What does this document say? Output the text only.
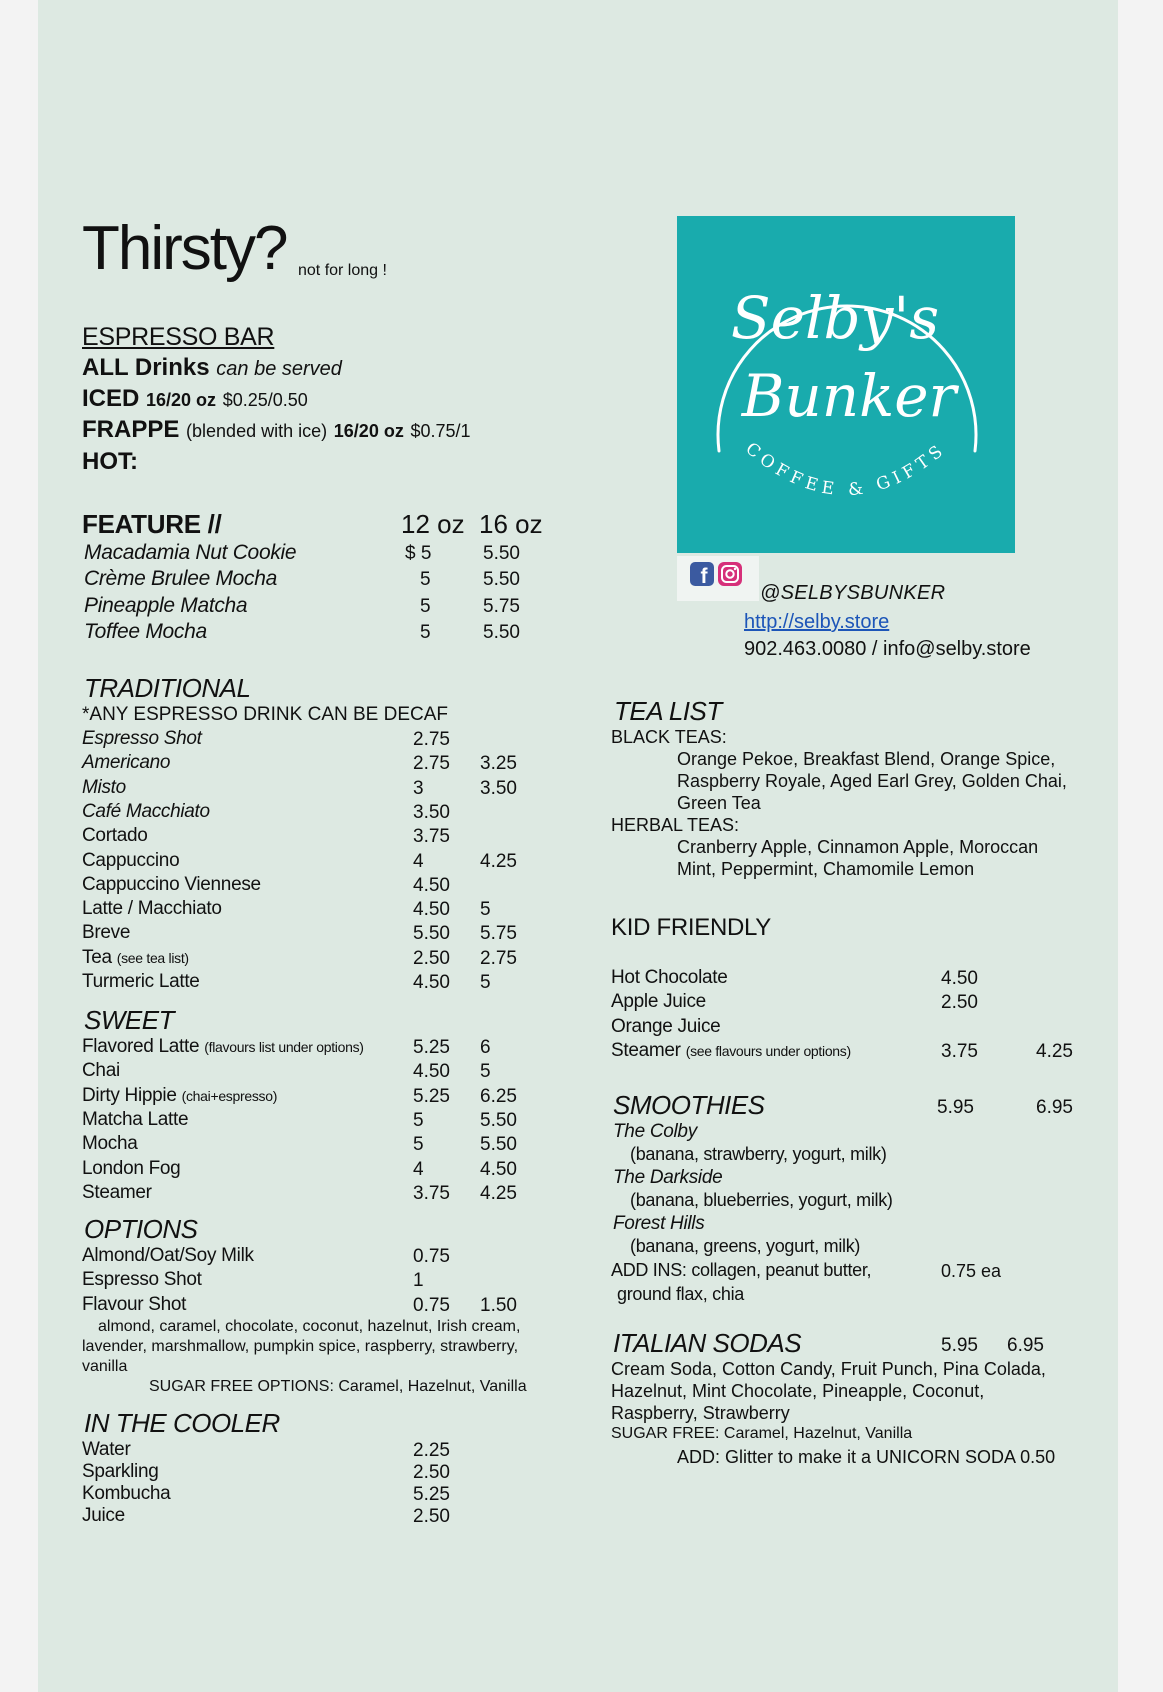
Thirsty? not for long !
ESPRESSO BAR
ALL Drinks can be served
ICED 16/20 oz $0.25/0.50
FRAPPE (blended with ice) 16/20 oz $0.75/1
HOT:
FEATURE //	12 oz 16 oz
Macadamia Nut Cookie	$ 5	5.50
Crème Brulee Mocha	5	5.50
Pineapple Matcha	5	5.75
Toffee Mocha	5	5.50
TRADITIONAL
*ANY ESPRESSO DRINK CAN BE DECAF
Espresso Shot	2.75
Americano	2.75 3.25
Misto	3	3.50
Café Macchiato	3.50
Cortado	3.75
Cappuccino	4	4.25
Cappuccino Viennese	4.50
Latte / Macchiato	4.50 5
Breve	5.50 5.75
Tea (see tea list)	2.50 2.75
Turmeric Latte	4.50 5
SWEET
Flavored Latte (flavours list under options)	5.25 6
Chai	4.50 5
Dirty Hippie (chai+espresso)	5.25 6.25
Matcha Latte	5	5.50
Mocha	5	5.50
London Fog	4	4.50
Steamer	3.75 4.25
OPTIONS
Almond/Oat/Soy Milk	0.75
Espresso Shot	1
Flavour Shot	0.75 1.50
almond, caramel, chocolate, coconut, hazelnut, Irish cream,
lavender, marshmallow, pumpkin spice, raspberry, strawberry,
vanilla
SUGAR FREE OPTIONS: Caramel, Hazelnut, Vanilla
IN THE COOLER
Water	2.25
Sparkling	2.50
Kombucha	5.25
Juice	2.50
COFFEE & GIFTS
Selby's
Bunker
f
@SELBYSBUNKER
http://selby.store
902.463.0080 / info@selby.store
TEA LIST
BLACK TEAS:
Orange Pekoe, Breakfast Blend, Orange Spice,
Raspberry Royale, Aged Earl Grey, Golden Chai,
Green Tea
HERBAL TEAS:
Cranberry Apple, Cinnamon Apple, Moroccan
Mint, Peppermint, Chamomile Lemon
KID FRIENDLY
Hot Chocolate	4.50
Apple Juice	2.50
Orange Juice
Steamer (see flavours under options)	3.75	4.25
SMOOTHIES	5.95	6.95
The Colby
(banana, strawberry, yogurt, milk)
The Darkside
(banana, blueberries, yogurt, milk)
Forest Hills
(banana, greens, yogurt, milk)
ADD INS: collagen, peanut butter,	0.75 ea
ground flax, chia
ITALIAN SODAS	5.95 6.95
Cream Soda, Cotton Candy, Fruit Punch, Pina Colada,
Hazelnut, Mint Chocolate, Pineapple, Coconut,
Raspberry, Strawberry
SUGAR FREE: Caramel, Hazelnut, Vanilla
ADD: Glitter to make it a UNICORN SODA 0.50
